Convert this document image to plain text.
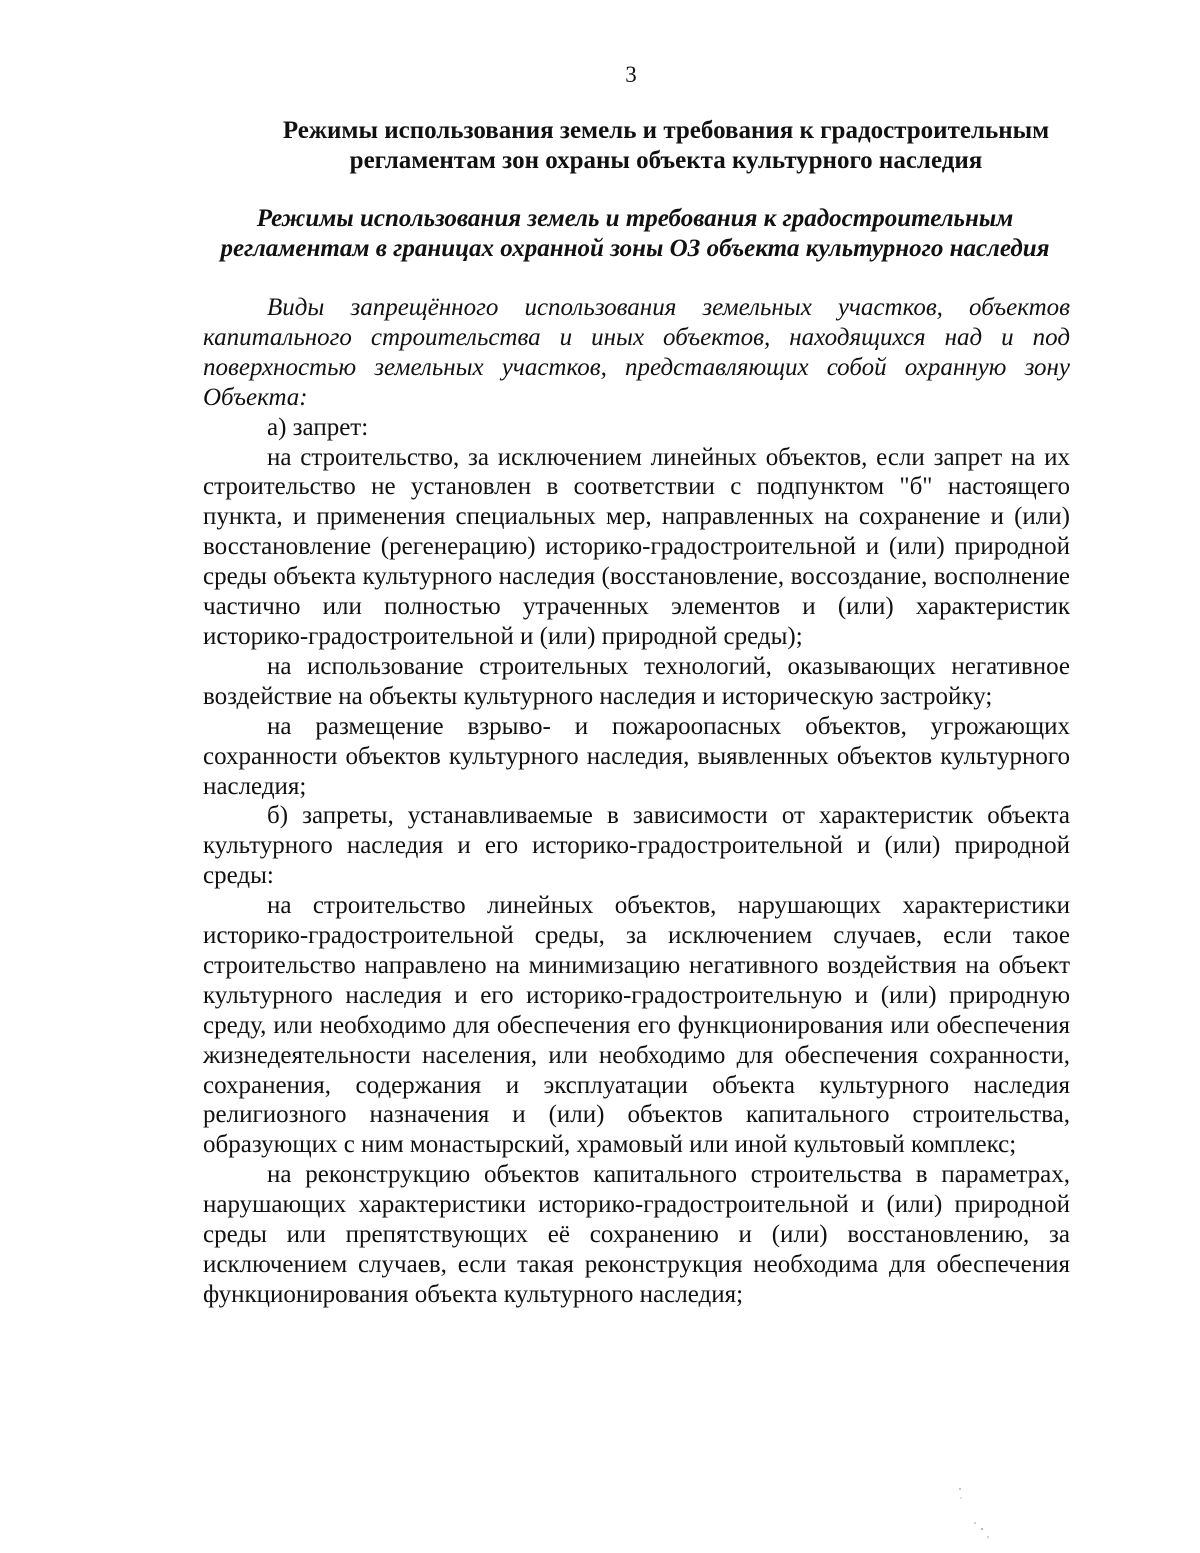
3
Режимы использования земель и требования к градостроительным регламентам зон охраны объекта культурного наследия
Режимы использования земель и требования к градостроительным регламентам в границах охранной зоны ОЗ объекта культурного наследия

Виды запрещённого использования земельных участков, объектов капитального строительства и иных объектов, находящихся над и под поверхностью земельных участков, представляющих собой охранную зону Объекта:

а) запрет:

на строительство, за исключением линейных объектов, если запрет на их строительство не установлен в соответствии с подпунктом "б" настоящего пункта, и применения специальных мер, направленных на сохранение и (или) восстановление (регенерацию) историко-градостроительной и (или) природной среды объекта культурного наследия (восстановление, воссоздание, восполнение частично или полностью утраченных элементов и (или) характеристик историко-градостроительной и (или) природной среды);

на использование строительных технологий, оказывающих негативное воздействие на объекты культурного наследия и историческую застройку;

на размещение взрыво- и пожароопасных объектов, угрожающих сохранности объектов культурного наследия, выявленных объектов культурного наследия;

б) запреты, устанавливаемые в зависимости от характеристик объекта культурного наследия и его историко-градостроительной и (или) природной среды:

на строительство линейных объектов, нарушающих характеристики историко-градостроительной среды, за исключением случаев, если такое строительство направлено на минимизацию негативного воздействия на объект культурного наследия и его историко-градостроительную и (или) природную среду, или необходимо для обеспечения его функционирования или обеспечения жизнедеятельности населения, или необходимо для обеспечения сохранности, сохранения, содержания и эксплуатации объекта культурного наследия религиозного назначения и (или) объектов капитального строительства, образующих с ним монастырский, храмовый или иной культовый комплекс;

на реконструкцию объектов капитального строительства в параметрах, нарушающих характеристики историко-градостроительной и (или) природной среды или препятствующих её сохранению и (или) восстановлению, за исключением случаев, если такая реконструкция необходима для обеспечения функционирования объекта культурного наследия;
